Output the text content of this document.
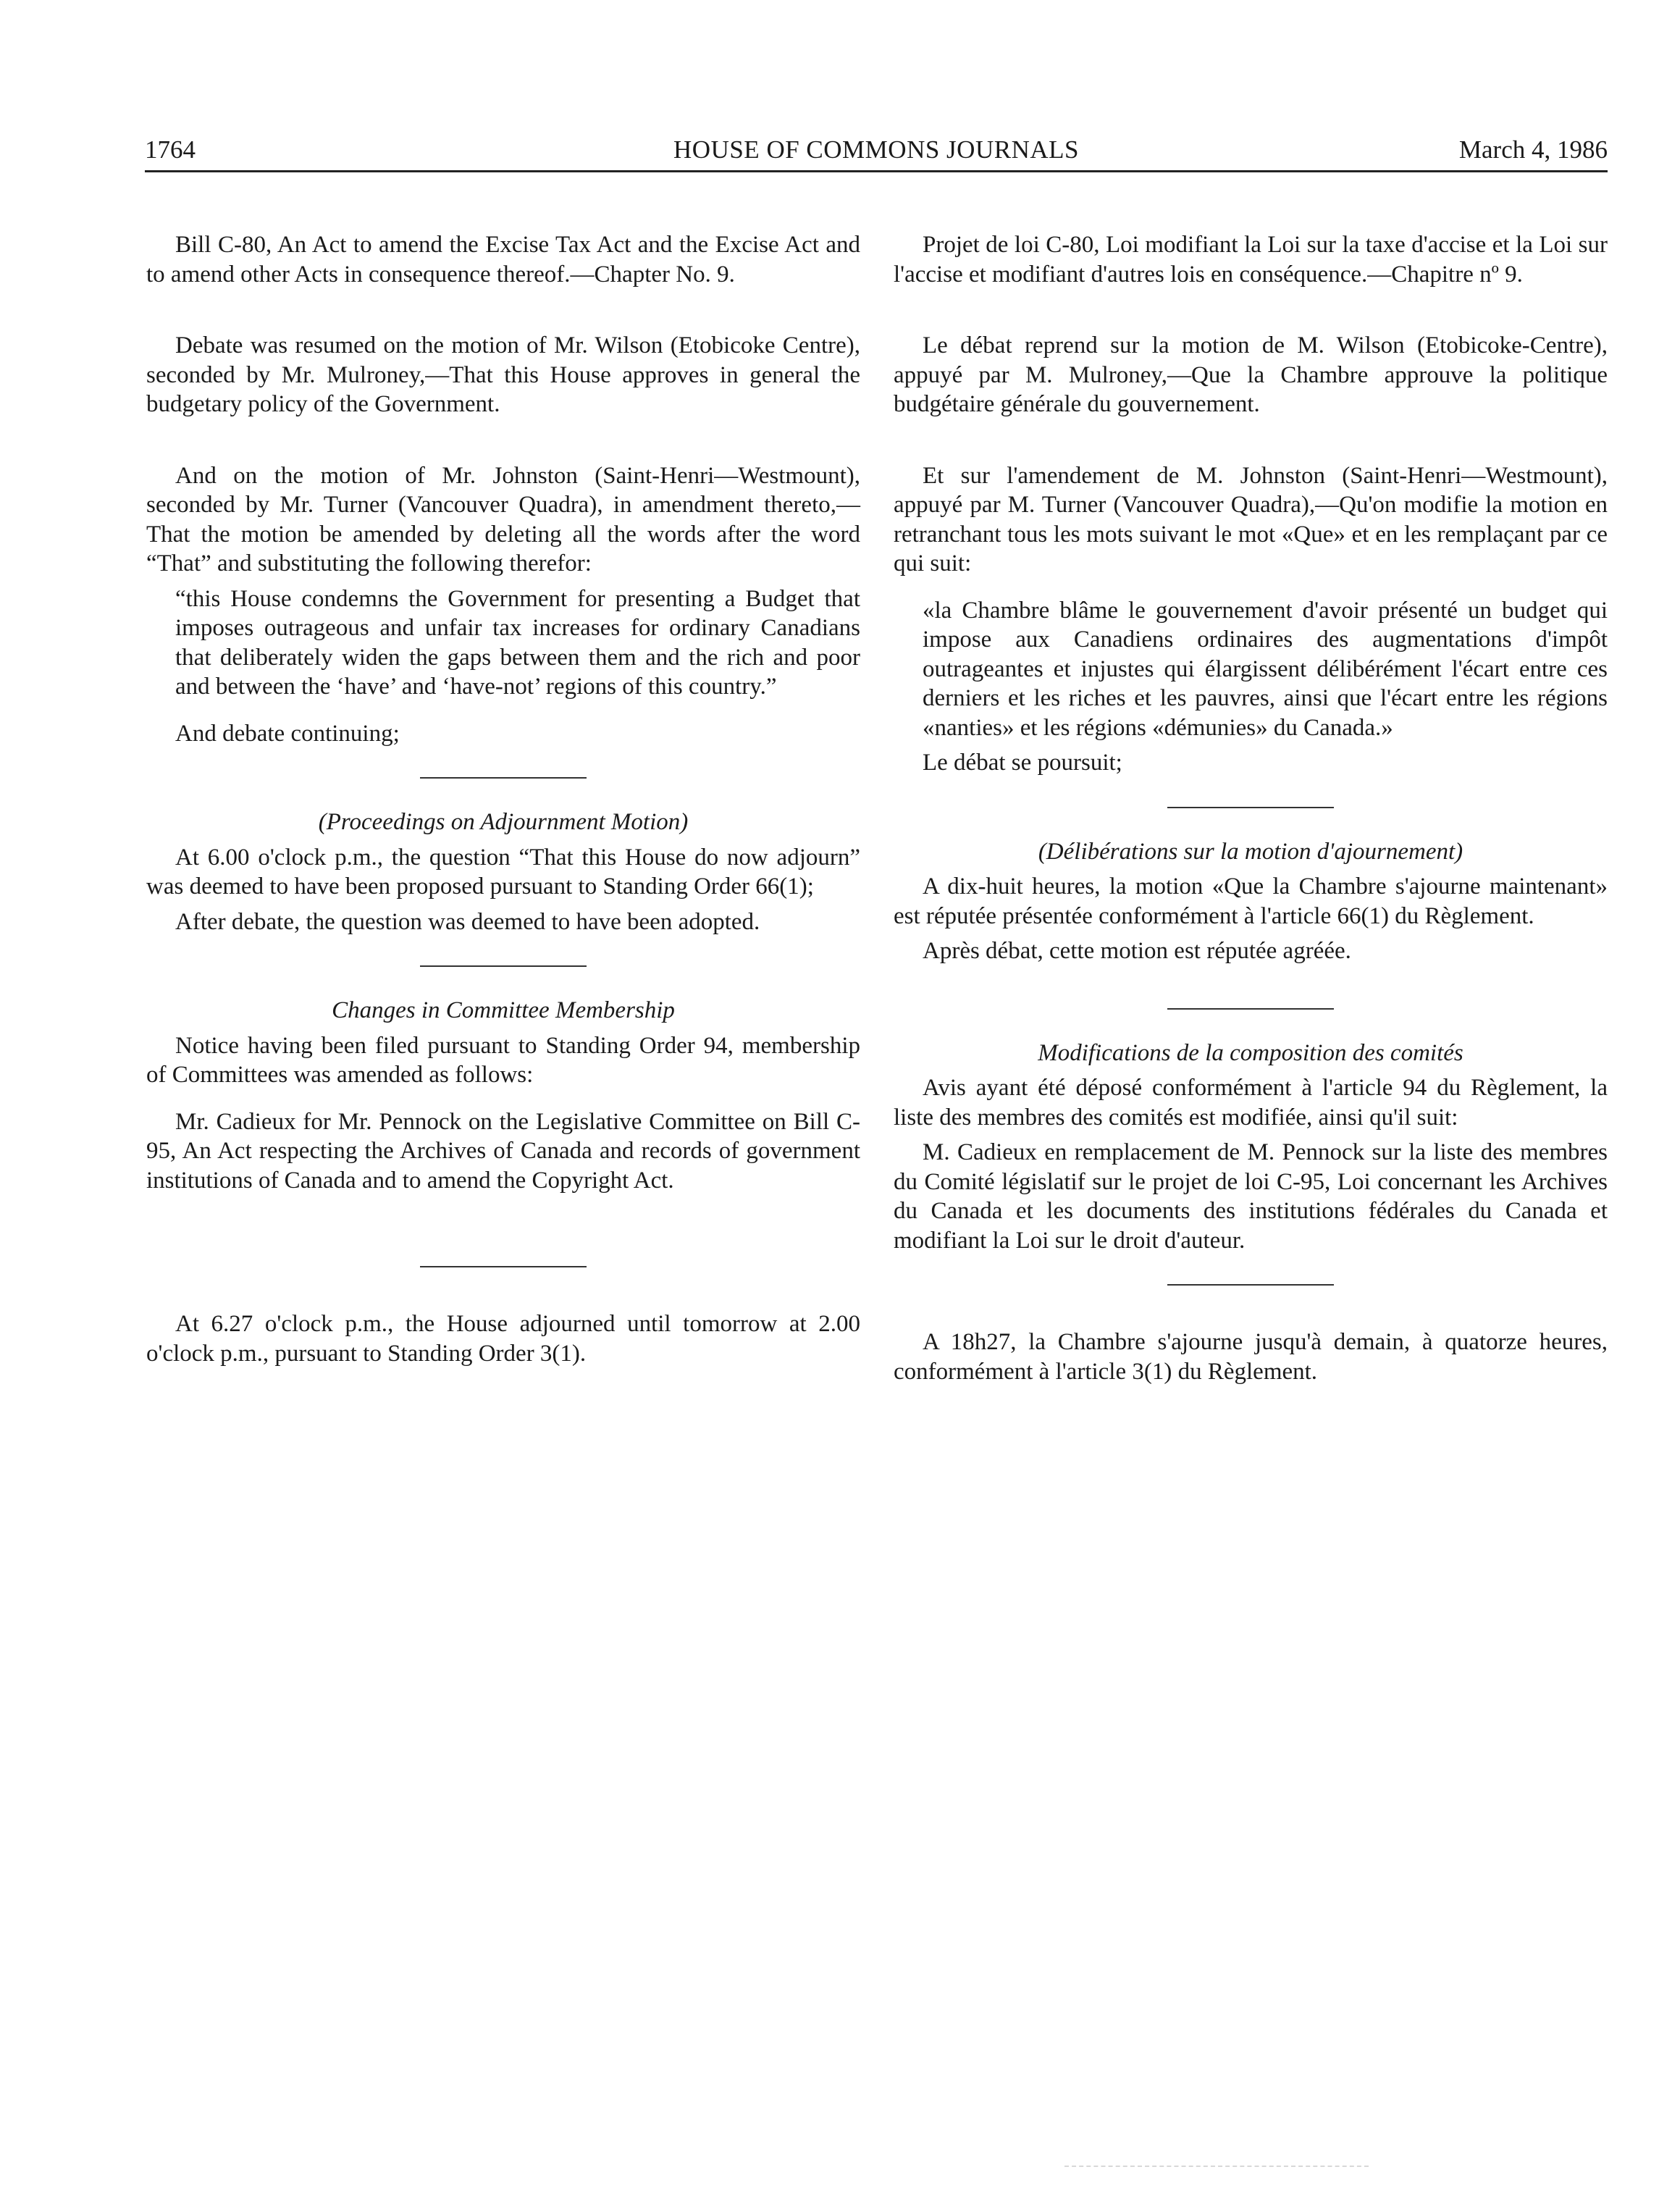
1764	HOUSE OF COMMONS JOURNALS	March 4, 1986

Bill C-80, An Act to amend the Excise Tax Act and the Excise Act and to amend other Acts in consequence thereof.—Chapter No. 9.

Debate was resumed on the motion of Mr. Wilson (Etobicoke Centre), seconded by Mr. Mulroney,—That this House approves in general the budgetary policy of the Government.

And on the motion of Mr. Johnston (Saint-Henri—Westmount), seconded by Mr. Turner (Vancouver Quadra), in amendment thereto,—That the motion be amended by deleting all the words after the word “That” and substituting the following therefor:

“this House condemns the Government for presenting a Budget that imposes outrageous and unfair tax increases for ordinary Canadians that deliberately widen the gaps between them and the rich and poor and between the ‘have’ and ‘have-not’ regions of this country.”

And debate continuing;

(Proceedings on Adjournment Motion)

At 6.00 o'clock p.m., the question “That this House do now adjourn” was deemed to have been proposed pursuant to Standing Order 66(1);

After debate, the question was deemed to have been adopted.

Changes in Committee Membership

Notice having been filed pursuant to Standing Order 94, membership of Committees was amended as follows:

Mr. Cadieux for Mr. Pennock on the Legislative Committee on Bill C-95, An Act respecting the Archives of Canada and records of government institutions of Canada and to amend the Copyright Act.

At 6.27 o'clock p.m., the House adjourned until tomorrow at 2.00 o'clock p.m., pursuant to Standing Order 3(1).

Projet de loi C-80, Loi modifiant la Loi sur la taxe d'accise et la Loi sur l'accise et modifiant d'autres lois en conséquence.—Chapitre nº 9.

Le débat reprend sur la motion de M. Wilson (Etobicoke-Centre), appuyé par M. Mulroney,—Que la Chambre approuve la politique budgétaire générale du gouvernement.

Et sur l'amendement de M. Johnston (Saint-Henri—Westmount), appuyé par M. Turner (Vancouver Quadra),—Qu'on modifie la motion en retranchant tous les mots suivant le mot «Que» et en les remplaçant par ce qui suit:

«la Chambre blâme le gouvernement d'avoir présenté un budget qui impose aux Canadiens ordinaires des augmentations d'impôt outrageantes et injustes qui élargissent délibérément l'écart entre ces derniers et les riches et les pauvres, ainsi que l'écart entre les régions «nanties» et les régions «démunies» du Canada.»

Le débat se poursuit;

(Délibérations sur la motion d'ajournement)

A dix-huit heures, la motion «Que la Chambre s'ajourne maintenant» est réputée présentée conformément à l'article 66(1) du Règlement.

Après débat, cette motion est réputée agréée.

Modifications de la composition des comités

Avis ayant été déposé conformément à l'article 94 du Règlement, la liste des membres des comités est modifiée, ainsi qu'il suit:

M. Cadieux en remplacement de M. Pennock sur la liste des membres du Comité législatif sur le projet de loi C-95, Loi concernant les Archives du Canada et les documents des institutions fédérales du Canada et modifiant la Loi sur le droit d'auteur.

A 18h27, la Chambre s'ajourne jusqu'à demain, à quatorze heures, conformément à l'article 3(1) du Règlement.
